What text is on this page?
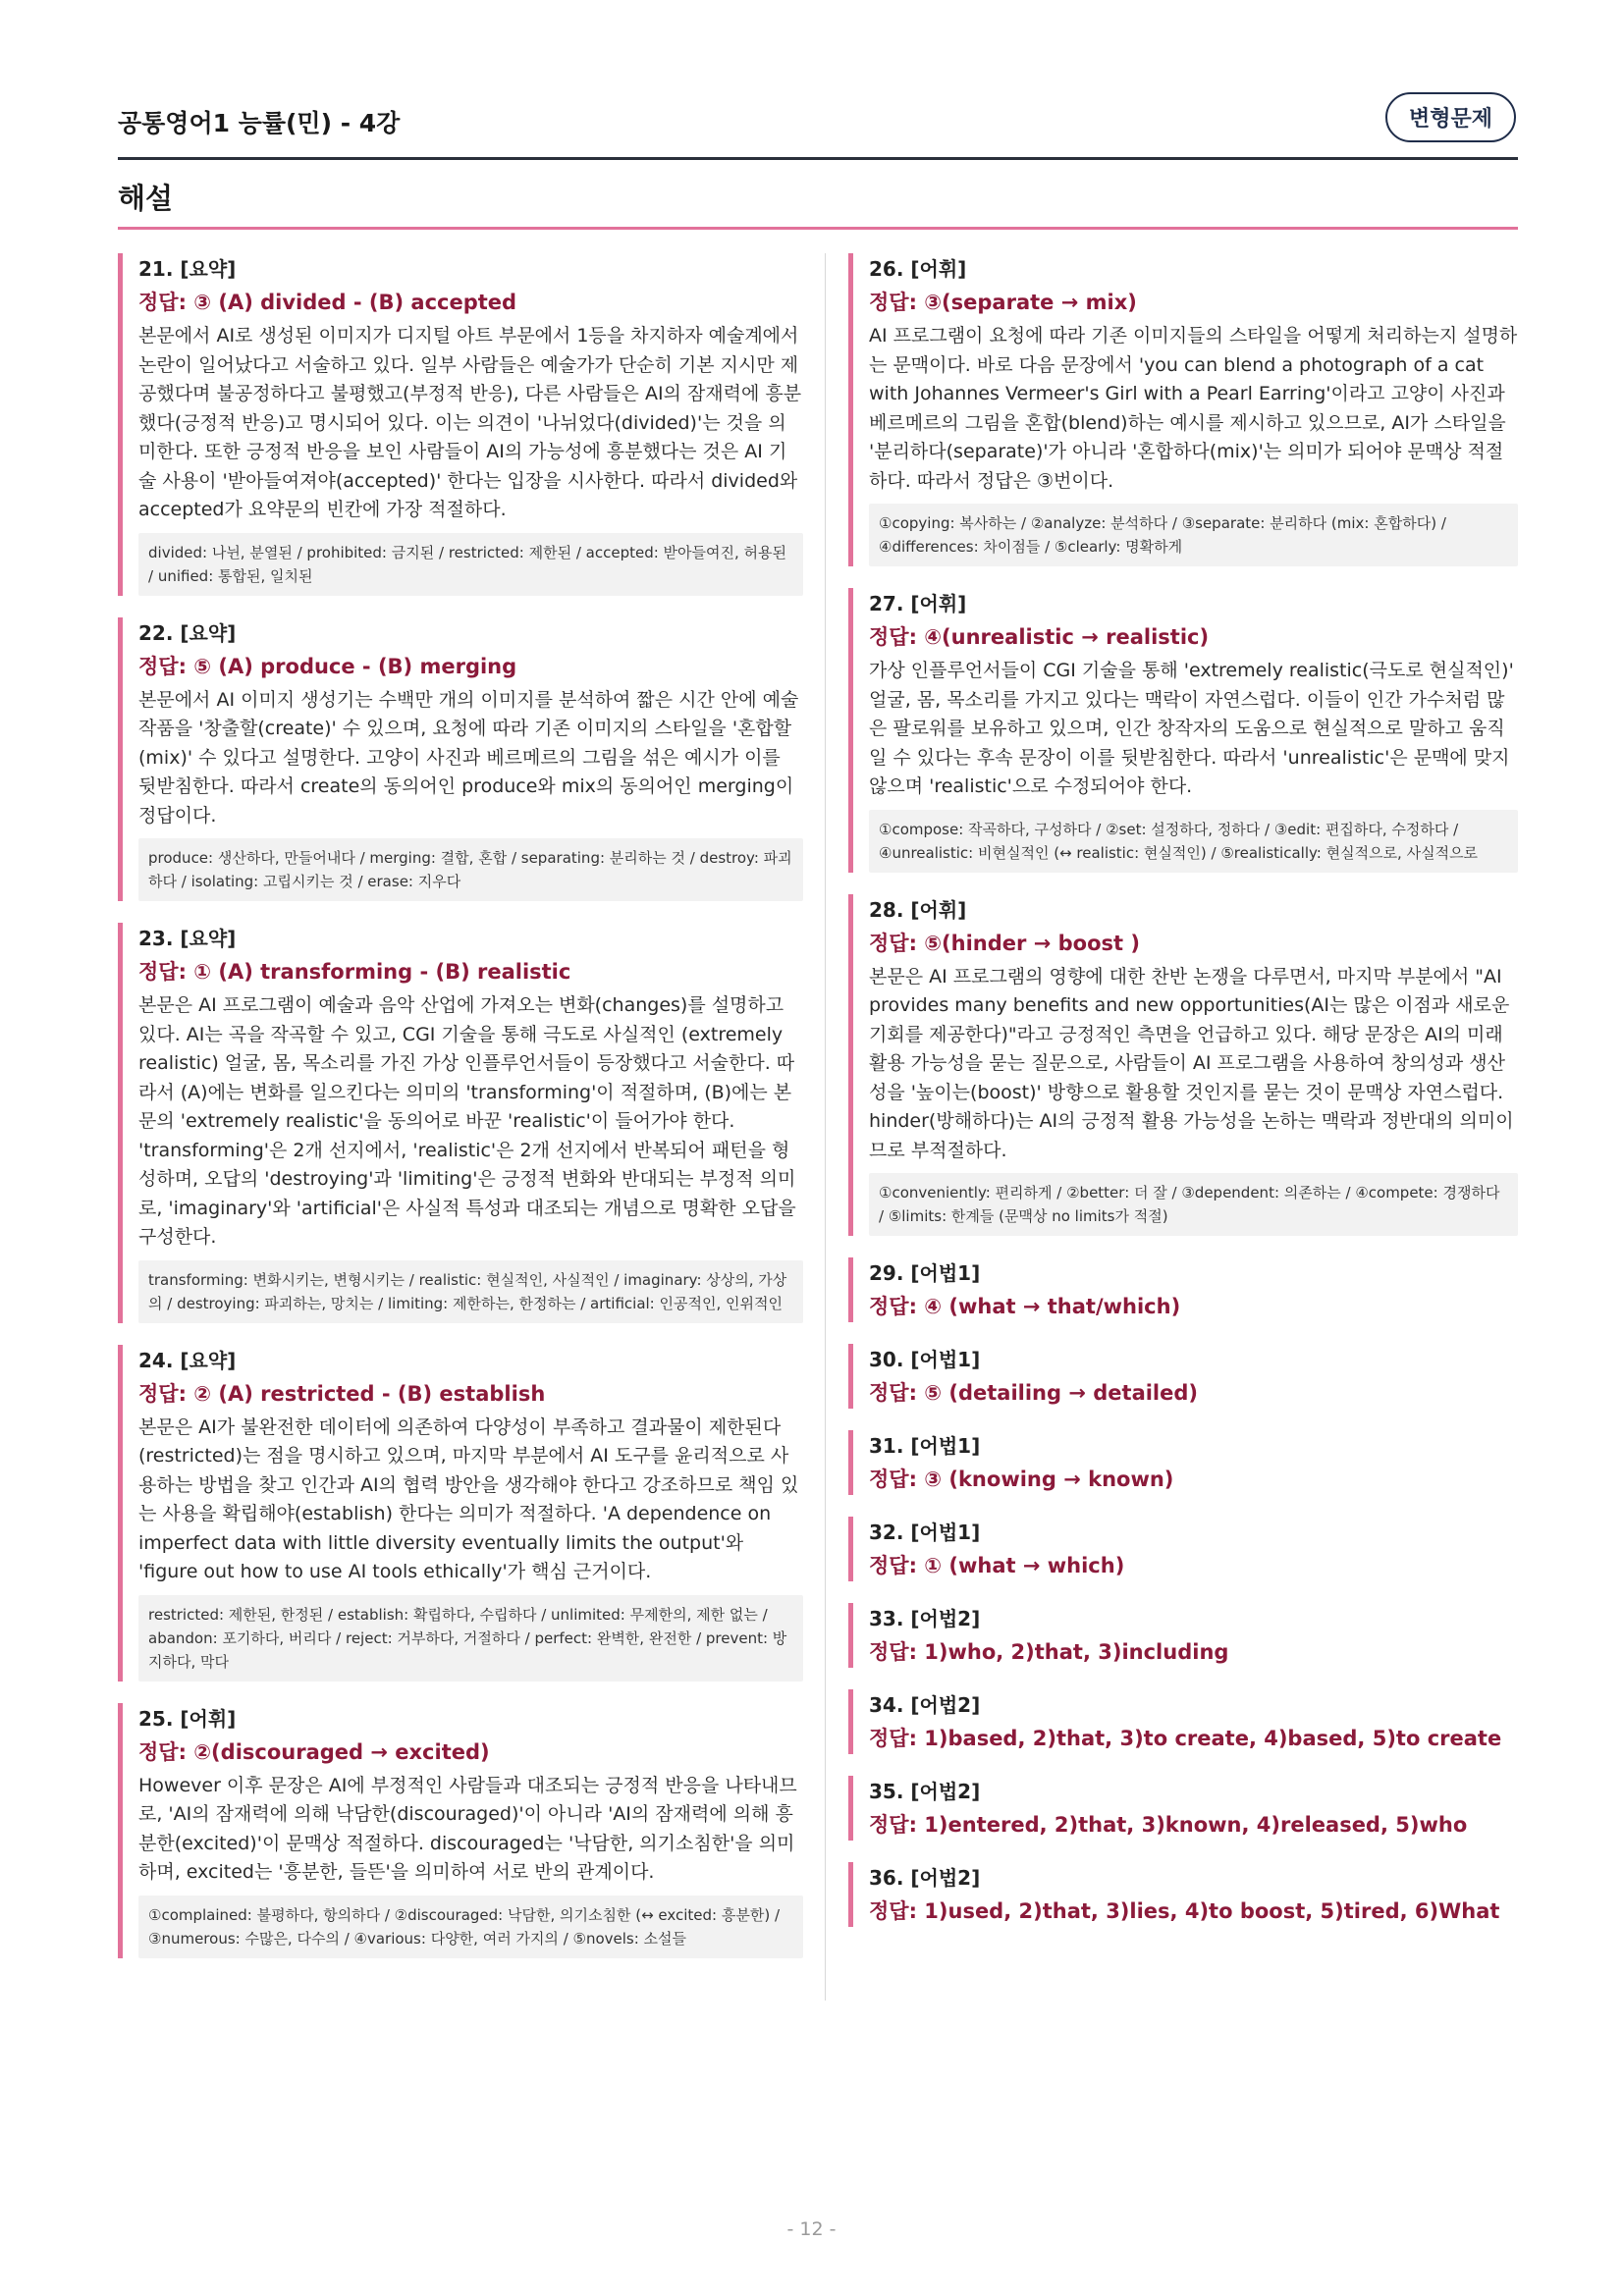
공통영어1 능률(민) - 4강	변형문제
해설
21. [요약]
정답: ③ (A) divided - (B) accepted
본문에서 AI로 생성된 이미지가 디지털 아트 부문에서 1등을 차지하자 예술계에서 논란이 일어났다고 서술하고 있다. 일부 사람들은 예술가가 단순히 기본 지시만 제공했다며 불공정하다고 불평했고(부정적 반응), 다른 사람들은 AI의 잠재력에 흥분했다(긍정적 반응)고 명시되어 있다. 이는 의견이 '나뉘었다(divided)'는 것을 의미한다. 또한 긍정적 반응을 보인 사람들이 AI의 가능성에 흥분했다는 것은 AI 기술 사용이 '받아들여져야(accepted)' 한다는 입장을 시사한다. 따라서 divided와 accepted가 요약문의 빈칸에 가장 적절하다.
divided: 나뉜, 분열된 / prohibited: 금지된 / restricted: 제한된 / accepted: 받아들여진, 허용된 / unified: 통합된, 일치된
22. [요약]
정답: ⑤ (A) produce - (B) merging
본문에서 AI 이미지 생성기는 수백만 개의 이미지를 분석하여 짧은 시간 안에 예술 작품을 '창출할(create)' 수 있으며, 요청에 따라 기존 이미지의 스타일을 '혼합할(mix)' 수 있다고 설명한다. 고양이 사진과 베르메르의 그림을 섞은 예시가 이를 뒷받침한다. 따라서 create의 동의어인 produce와 mix의 동의어인 merging이 정답이다.
produce: 생산하다, 만들어내다 / merging: 결합, 혼합 / separating: 분리하는 것 / destroy: 파괴하다 / isolating: 고립시키는 것 / erase: 지우다
23. [요약]
정답: ① (A) transforming - (B) realistic
본문은 AI 프로그램이 예술과 음악 산업에 가져오는 변화(changes)를 설명하고 있다. AI는 곡을 작곡할 수 있고, CGI 기술을 통해 극도로 사실적인 (extremely realistic) 얼굴, 몸, 목소리를 가진 가상 인플루언서들이 등장했다고 서술한다. 따라서 (A)에는 변화를 일으킨다는 의미의 'transforming'이 적절하며, (B)에는 본문의 'extremely realistic'을 동의어로 바꾼 'realistic'이 들어가야 한다. 'transforming'은 2개 선지에서, 'realistic'은 2개 선지에서 반복되어 패턴을 형성하며, 오답의 'destroying'과 'limiting'은 긍정적 변화와 반대되는 부정적 의미로, 'imaginary'와 'artificial'은 사실적 특성과 대조되는 개념으로 명확한 오답을 구성한다.
transforming: 변화시키는, 변형시키는 / realistic: 현실적인, 사실적인 / imaginary: 상상의, 가상의 / destroying: 파괴하는, 망치는 / limiting: 제한하는, 한정하는 / artificial: 인공적인, 인위적인
24. [요약]
정답: ② (A) restricted - (B) establish
본문은 AI가 불완전한 데이터에 의존하여 다양성이 부족하고 결과물이 제한된다(restricted)는 점을 명시하고 있으며, 마지막 부분에서 AI 도구를 윤리적으로 사용하는 방법을 찾고 인간과 AI의 협력 방안을 생각해야 한다고 강조하므로 책임 있는 사용을 확립해야(establish) 한다는 의미가 적절하다. 'A dependence on imperfect data with little diversity eventually limits the output'와 'figure out how to use AI tools ethically'가 핵심 근거이다.
restricted: 제한된, 한정된 / establish: 확립하다, 수립하다 / unlimited: 무제한의, 제한 없는 / abandon: 포기하다, 버리다 / reject: 거부하다, 거절하다 / perfect: 완벽한, 완전한 / prevent: 방지하다, 막다
25. [어휘]
정답: ②(discouraged → excited)
However 이후 문장은 AI에 부정적인 사람들과 대조되는 긍정적 반응을 나타내므로, 'AI의 잠재력에 의해 낙담한(discouraged)'이 아니라 'AI의 잠재력에 의해 흥분한(excited)'이 문맥상 적절하다. discouraged는 '낙담한, 의기소침한'을 의미하며, excited는 '흥분한, 들뜬'을 의미하여 서로 반의 관계이다.
①complained: 불평하다, 항의하다 / ②discouraged: 낙담한, 의기소침한 (↔ excited: 흥분한) / ③numerous: 수많은, 다수의 / ④various: 다양한, 여러 가지의 / ⑤novels: 소설들
26. [어휘]
정답: ③(separate → mix)
AI 프로그램이 요청에 따라 기존 이미지들의 스타일을 어떻게 처리하는지 설명하는 문맥이다. 바로 다음 문장에서 'you can blend a photograph of a cat with Johannes Vermeer's Girl with a Pearl Earring'이라고 고양이 사진과 베르메르의 그림을 혼합(blend)하는 예시를 제시하고 있으므로, AI가 스타일을 '분리하다(separate)'가 아니라 '혼합하다(mix)'는 의미가 되어야 문맥상 적절하다. 따라서 정답은 ③번이다.
①copying: 복사하는 / ②analyze: 분석하다 / ③separate: 분리하다 (mix: 혼합하다) / ④differences: 차이점들 / ⑤clearly: 명확하게
27. [어휘]
정답: ④(unrealistic → realistic)
가상 인플루언서들이 CGI 기술을 통해 'extremely realistic(극도로 현실적인)' 얼굴, 몸, 목소리를 가지고 있다는 맥락이 자연스럽다. 이들이 인간 가수처럼 많은 팔로워를 보유하고 있으며, 인간 창작자의 도움으로 현실적으로 말하고 움직일 수 있다는 후속 문장이 이를 뒷받침한다. 따라서 'unrealistic'은 문맥에 맞지 않으며 'realistic'으로 수정되어야 한다.
①compose: 작곡하다, 구성하다 / ②set: 설정하다, 정하다 / ③edit: 편집하다, 수정하다 / ④unrealistic: 비현실적인 (↔ realistic: 현실적인) / ⑤realistically: 현실적으로, 사실적으로
28. [어휘]
정답: ⑤(hinder → boost )
본문은 AI 프로그램의 영향에 대한 찬반 논쟁을 다루면서, 마지막 부분에서 "AI provides many benefits and new opportunities(AI는 많은 이점과 새로운 기회를 제공한다)"라고 긍정적인 측면을 언급하고 있다. 해당 문장은 AI의 미래 활용 가능성을 묻는 질문으로, 사람들이 AI 프로그램을 사용하여 창의성과 생산성을 '높이는(boost)' 방향으로 활용할 것인지를 묻는 것이 문맥상 자연스럽다. hinder(방해하다)는 AI의 긍정적 활용 가능성을 논하는 맥락과 정반대의 의미이므로 부적절하다.
①conveniently: 편리하게 / ②better: 더 잘 / ③dependent: 의존하는 / ④compete: 경쟁하다 / ⑤limits: 한계들 (문맥상 no limits가 적절)
29. [어법1]
정답: ④ (what → that/which)
30. [어법1]
정답: ⑤ (detailing → detailed)
31. [어법1]
정답: ③ (knowing → known)
32. [어법1]
정답: ① (what → which)
33. [어법2]
정답: 1)who, 2)that, 3)including
34. [어법2]
정답: 1)based, 2)that, 3)to create, 4)based, 5)to create
35. [어법2]
정답: 1)entered, 2)that, 3)known, 4)released, 5)who
36. [어법2]
정답: 1)used, 2)that, 3)lies, 4)to boost, 5)tired, 6)What
- 12 -
